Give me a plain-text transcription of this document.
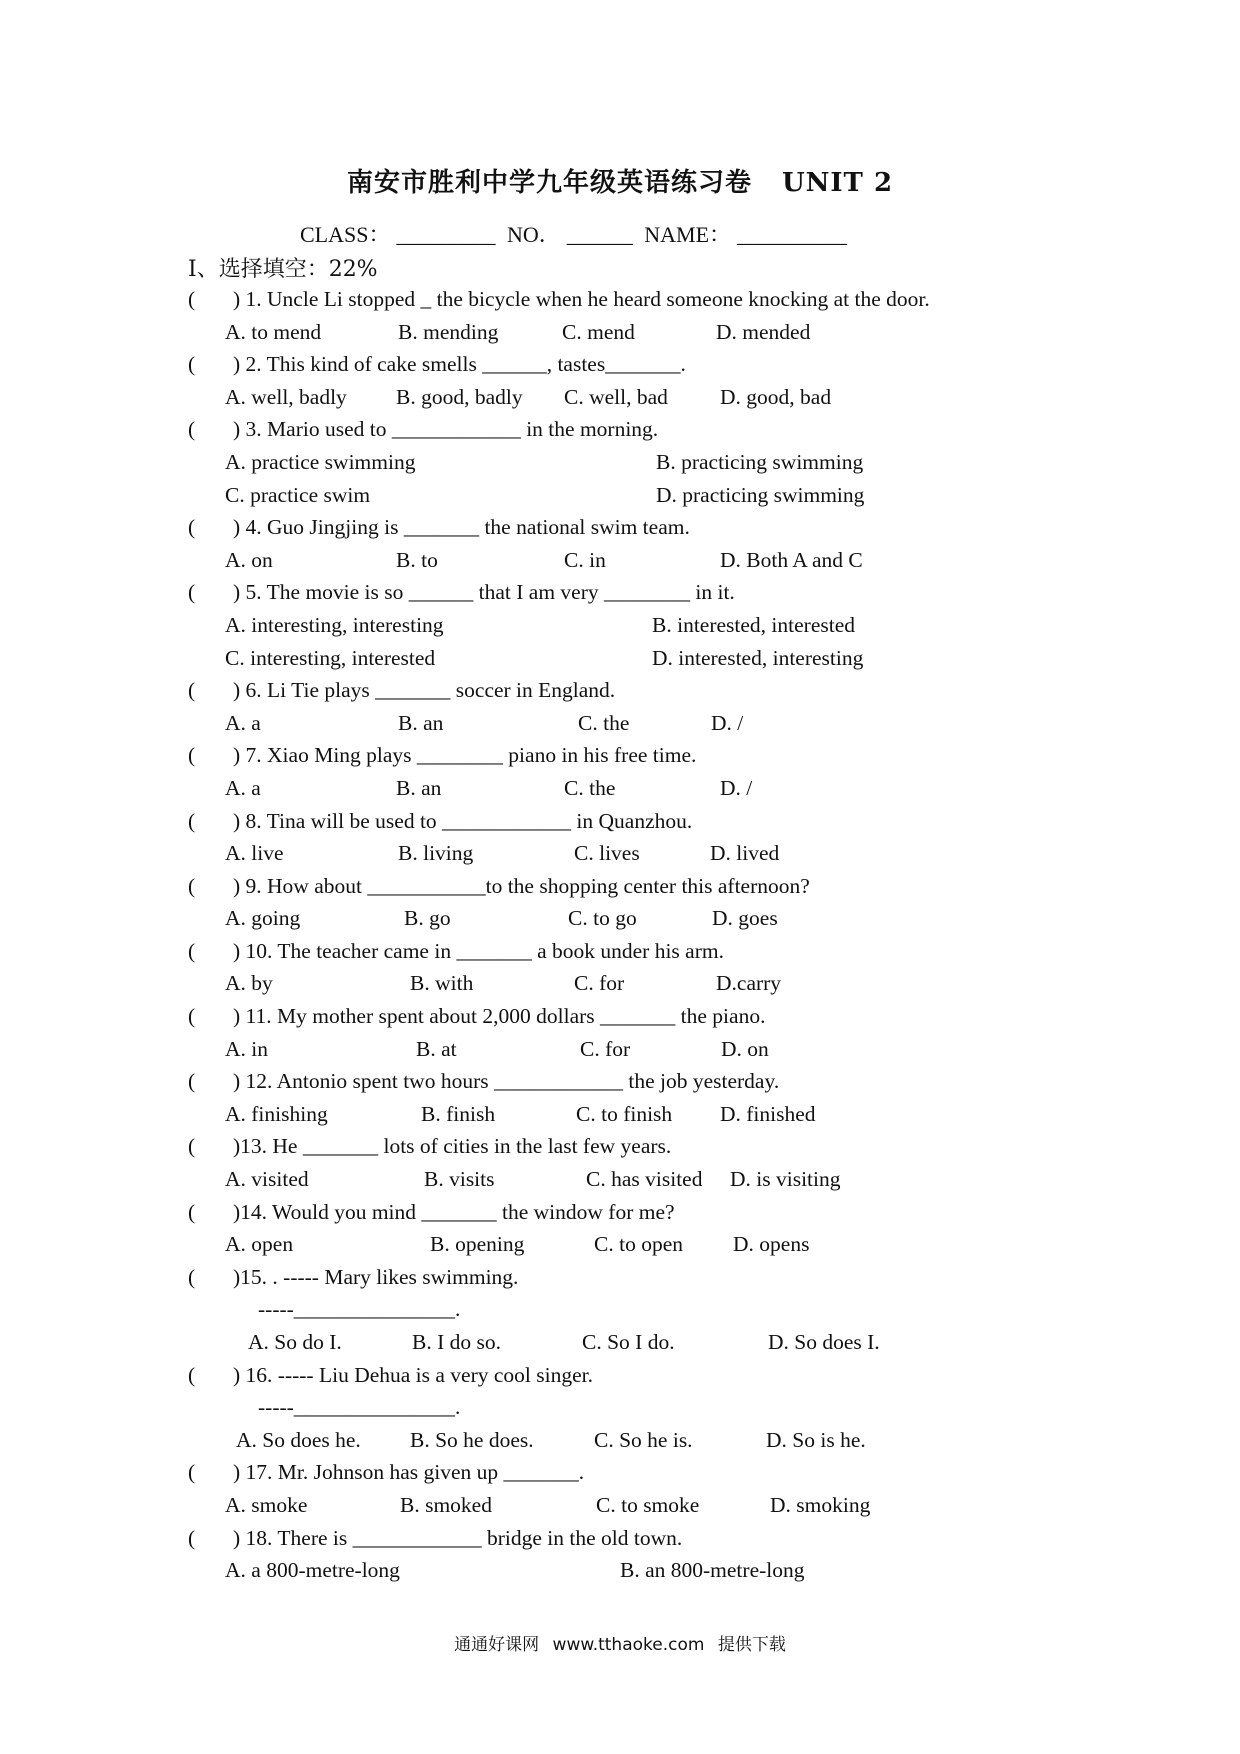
南安市胜利中学九年级英语练习卷 UNIT 2
CLASS： _________ NO． ______ NAME： __________
I、选择填空：22%
( ) 1. Uncle Li stopped _ the bicycle when he heard someone knocking at the door.
A. to mend	B. mending	C. mend	D. mended
( ) 2. This kind of cake smells ______, tastes_______.
A. well, badly B. good, badly C. well, bad D. good, bad
( ) 3. Mario used to ____________ in the morning.
A. practice swimming	B. practicing swimming
C. practice swim	D. practicing swimming
( ) 4. Guo Jingjing is _______ the national swim team.
A. on	B. to	C. in	D. Both A and C
( ) 5. The movie is so ______ that I am very ________ in it.
A. interesting, interesting	B. interested, interested
C. interesting, interested	D. interested, interesting
( ) 6. Li Tie plays _______ soccer in England.
A. a	B. an	C. the	D. /
( ) 7. Xiao Ming plays ________ piano in his free time.
A. a	B. an	C. the	D. /
( ) 8. Tina will be used to ____________ in Quanzhou.
A. live	B. living	C. lives	D. lived
( ) 9. How about ___________to the shopping center this afternoon?
A. going	B. go	C. to go	D. goes
( ) 10. The teacher came in _______ a book under his arm.
A. by	B. with	C. for	D.carry
( ) 11. My mother spent about 2,000 dollars _______ the piano.
A. in	B. at	C. for	D. on
( ) 12. Antonio spent two hours ____________ the job yesterday.
A. finishing	B. finish	C. to finish D. finished
( )13. He _______ lots of cities in the last few years.
A. visited	B. visits	C. has visited D. is visiting
( )14. Would you mind _______ the window for me?
A. open	B. opening	C. to open D. opens
( )15. . ----- Mary likes swimming.
-----_______________.
A. So do I.	B. I do so.	C. So I do.	D. So does I.
( ) 16. ----- Liu Dehua is a very cool singer.
-----_______________.
A. So does he. B. So he does.	C. So he is.	D. So is he.
( ) 17. Mr. Johnson has given up _______.
A. smoke	B. smoked	C. to smoke	D. smoking
( ) 18. There is ____________ bridge in the old town.
A. a 800-metre-long	B. an 800-metre-long
通通好课网 www.tthaoke.com 提供下载
